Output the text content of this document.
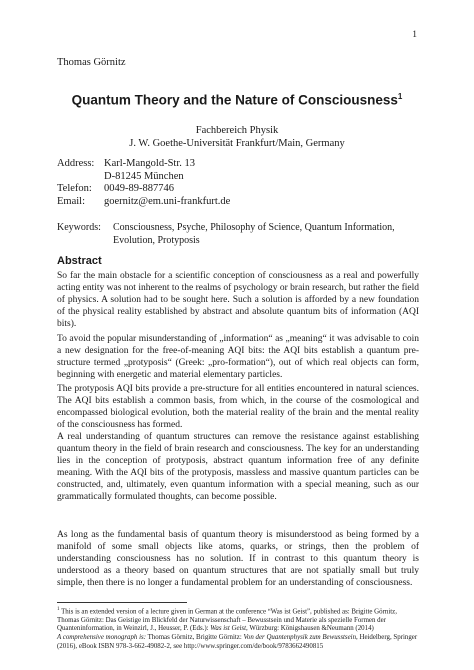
1
Thomas Görnitz
Quantum Theory and the Nature of Consciousness$^1$
Fachbereich Physik
J. W. Goethe-Universität Frankfurt/Main, Germany
Address:	Karl-Mangold-Str. 13
	D-81245 München
Telefon:	0049-89-887746
Email:	goernitz@em.uni-frankfurt.de
Keywords:	Consciousness, Psyche, Philosophy of Science, Quantum Information, Evolution, Protyposis
Abstract

So far the main obstacle for a scientific conception of consciousness as a real and powerfully acting entity was not inherent to the realms of psychology or brain research, but rather the field of physics. A solution had to be sought here. Such a solution is afforded by a new foundation of the physical reality established by abstract and absolute quantum bits of information (AQI bits).

To avoid the popular misunderstanding of „information“ as „meaning“ it was advisable to coin a new designation for the free-of-meaning AQI bits: the AQI bits establish a quantum pre-structure termed „protyposis“ (Greek: „pro-formation“), out of which real objects can form, beginning with energetic and material elementary particles.

The protyposis AQI bits provide a pre-structure for all entities encountered in natural sciences. The AQI bits establish a common basis, from which, in the course of the cosmological and encompassed biological evolution, both the material reality of the brain and the mental reality of the consciousness has formed.

A real understanding of quantum structures can remove the resistance against establishing quantum theory in the field of brain research and consciousness. The key for an understanding lies in the conception of protyposis, abstract quantum information free of any definite meaning. With the AQI bits of the protyposis, massless and massive quantum particles can be constructed, and, ultimately, even quantum information with a special meaning, such as our grammatically formulated thoughts, can become possible.

As long as the fundamental basis of quantum theory is misunderstood as being formed by a manifold of some small objects like atoms, quarks, or strings, then the problem of understanding consciousness has no solution. If in contrast to this quantum theory is understood as a theory based on quantum structures that are not spatially small but truly simple, then there is no longer a fundamental problem for an understanding of consciousness.

$^1$ This is an extended version of a lecture given in German at the conference “Was ist Geist”, published as: Brigitte Görnitz, Thomas Görnitz: Das Geistige im Blickfeld der Naturwissenschaft – Bewusstsein und Materie als spezielle Formen der Quanteninformation, in Weinzirl, J., Heusser, P. (Eds.): Was ist Geist, Würzburg: Königshausen &Neumann (2014)
A comprehensive monograph is: Thomas Görnitz, Brigitte Görnitz: Von der Quantenphysik zum Bewusstsein, Heidelberg, Springer (2016), eBook ISBN 978-3-662-49082-2, see http://www.springer.com/de/book/9783662490815
